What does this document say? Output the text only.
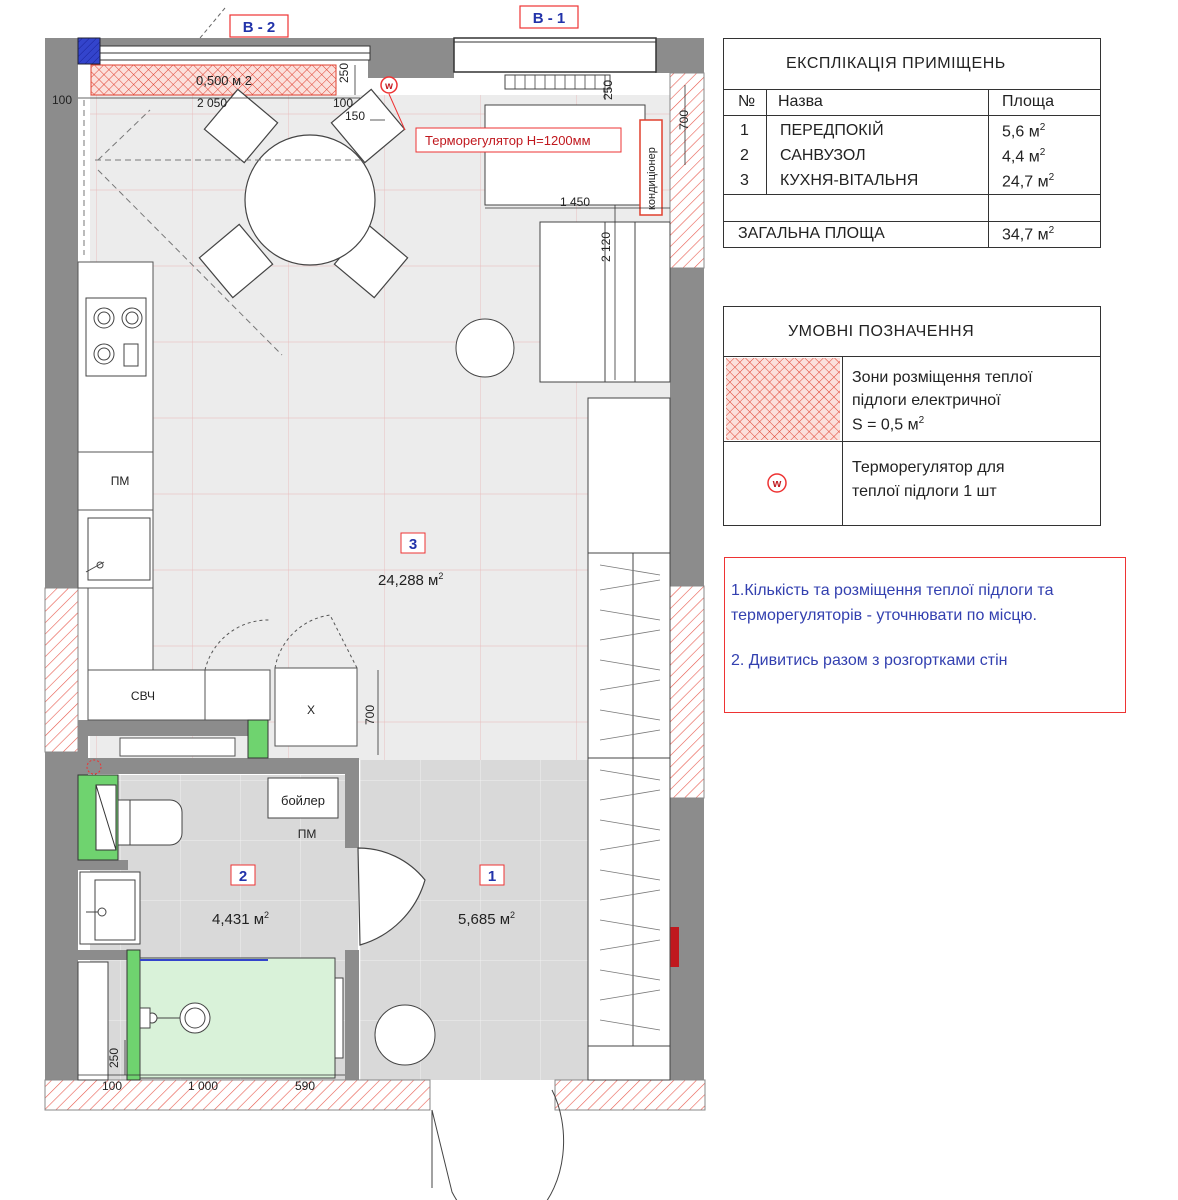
0,500 м 2
B - 2
B - 1
ПМ
СВЧ
Х
кондиціонер
бойлер
ПМ
w
Терморегулятор Н=1200мм
250
100	2 050	100
150
250
700
1 450
2 120
700
250
100	1 000	590
3
24,288 $м^2$
2
4,431 $м^2$
1
5,685 $м^2$
ЕКСПЛІКАЦІЯ ПРИМІЩЕНЬ
№ Назва	Площа
1 ПЕРЕДПОКІЙ	5,6 $м^2$
2 САНВУЗОЛ	4,4 $м^2$
3 КУХНЯ-ВІТАЛЬНЯ	24,7 $м^2$
ЗАГАЛЬНА ПЛОЩА	34,7 $м^2$
УМОВНІ ПОЗНАЧЕННЯ
Зони розміщення теплої
підлоги електричної
S = 0,5 $м^2$
w
Терморегулятор для
теплої підлоги 1 шт

1.Кількість та розміщення теплої підлоги та

терморегуляторів - уточнювати по місцю.

2. Дивитись разом з розгортками стін
